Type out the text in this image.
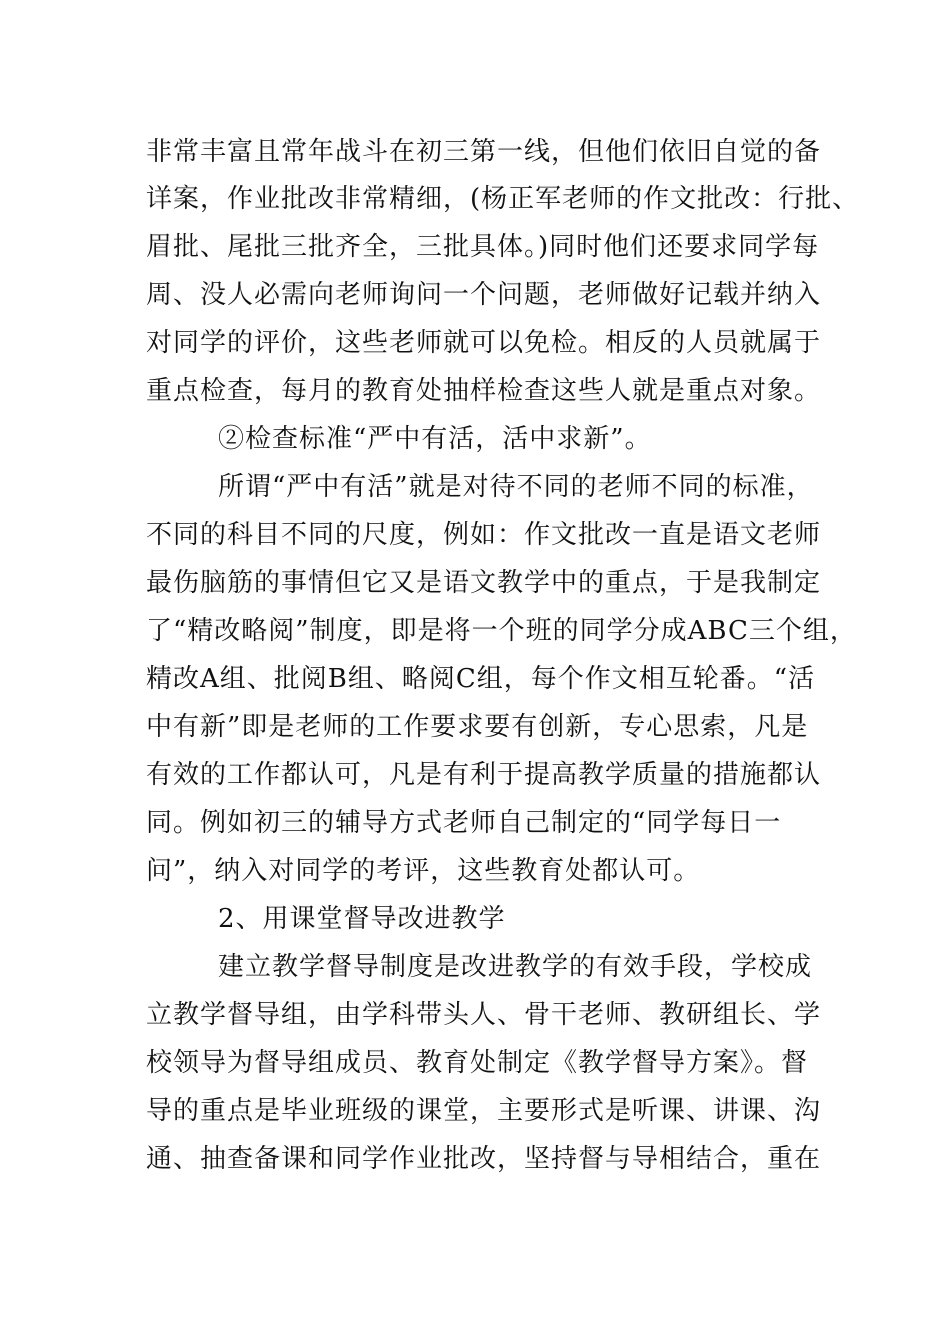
非常丰富且常年战斗在初三第一线，但他们依旧自觉的备
详案，作业批改非常精细，(杨正军老师的作文批改：行批、
眉批、尾批三批齐全，三批具体。)同时他们还要求同学每
周、没人必需向老师询问一个问题，老师做好记载并纳入
对同学的评价，这些老师就可以免检。相反的人员就属于
重点检查，每月的教育处抽样检查这些人就是重点对象。
②检查标准“严中有活，活中求新”。
所谓“严中有活”就是对待不同的老师不同的标准，
不同的科目不同的尺度，例如：作文批改一直是语文老师
最伤脑筋的事情但它又是语文教学中的重点，于是我制定
了“精改略阅”制度，即是将一个班的同学分成ABC三个组，
精改A组、批阅B组、略阅C组，每个作文相互轮番。“活
中有新”即是老师的工作要求要有创新，专心思索，凡是
有效的工作都认可，凡是有利于提高教学质量的措施都认
同。例如初三的辅导方式老师自己制定的“同学每日一
问”，纳入对同学的考评，这些教育处都认可。
2、用课堂督导改进教学
建立教学督导制度是改进教学的有效手段，学校成
立教学督导组，由学科带头人、骨干老师、教研组长、学
校领导为督导组成员、教育处制定《教学督导方案》。督
导的重点是毕业班级的课堂，主要形式是听课、讲课、沟
通、抽查备课和同学作业批改，坚持督与导相结合，重在
